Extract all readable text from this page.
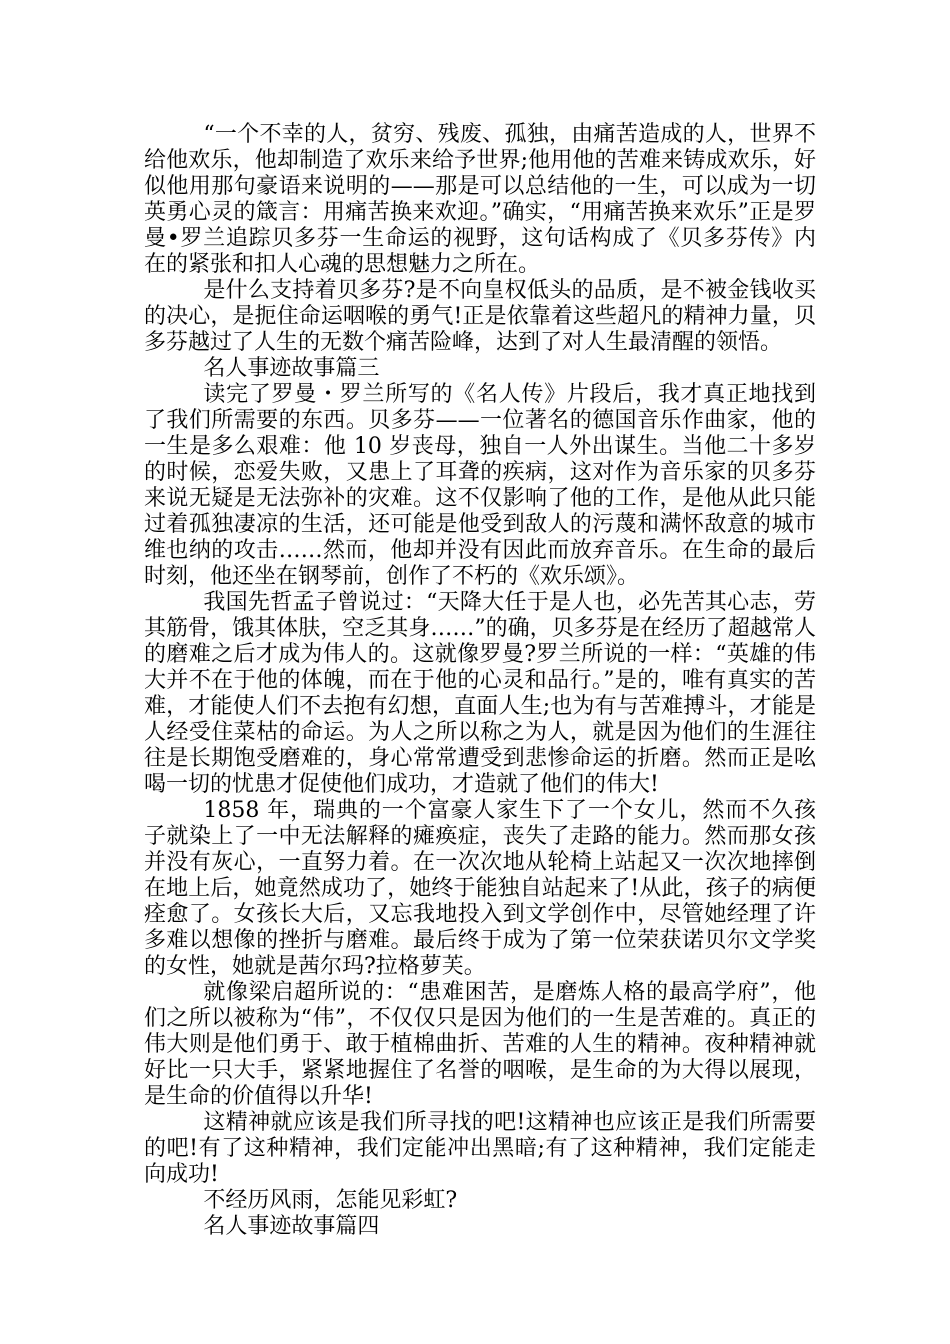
“一个不幸的人，贫穷、残废、孤独，由痛苦造成的人，世界不给他欢乐，他却制造了欢乐来给予世界;他用他的苦难来铸成欢乐，好似他用那句豪语来说明的——那是可以总结他的一生，可以成为一切英勇心灵的箴言：用痛苦换来欢迎。”确实，“用痛苦换来欢乐”正是罗曼•罗兰追踪贝多芬一生命运的视野，这句话构成了《贝多芬传》内在的紧张和扣人心魂的思想魅力之所在。

是什么支持着贝多芬?是不向皇权低头的品质，是不被金钱收买的决心，是扼住命运咽喉的勇气!正是依靠着这些超凡的精神力量，贝多芬越过了人生的无数个痛苦险峰，达到了对人生最清醒的领悟。

名人事迹故事篇三

读完了罗曼・罗兰所写的《名人传》片段后，我才真正地找到了我们所需要的东西。贝多芬——一位著名的德国音乐作曲家，他的一生是多么艰难：他 10 岁丧母，独自一人外出谋生。当他二十多岁的时候，恋爱失败，又患上了耳聋的疾病，这对作为音乐家的贝多芬来说无疑是无法弥补的灾难。这不仅影响了他的工作，是他从此只能过着孤独凄凉的生活，还可能是他受到敌人的污蔑和满怀敌意的城市维也纳的攻击……然而，他却并没有因此而放弃音乐。在生命的最后时刻，他还坐在钢琴前，创作了不朽的《欢乐颂》。

我国先哲孟子曾说过：“天降大任于是人也，必先苦其心志，劳其筋骨，饿其体肤，空乏其身……”的确，贝多芬是在经历了超越常人的磨难之后才成为伟人的。这就像罗曼?罗兰所说的一样：“英雄的伟大并不在于他的体魄，而在于他的心灵和品行。”是的，唯有真实的苦难，才能使人们不去抱有幻想，直面人生;也为有与苦难搏斗，才能是人经受住菜枯的命运。为人之所以称之为人，就是因为他们的生涯往往是长期饱受磨难的，身心常常遭受到悲惨命运的折磨。然而正是吆喝一切的忧患才促使他们成功，才造就了他们的伟大!

1858 年，瑞典的一个富豪人家生下了一个女儿，然而不久孩子就染上了一中无法解释的瘫痪症，丧失了走路的能力。然而那女孩并没有灰心，一直努力着。在一次次地从轮椅上站起又一次次地摔倒在地上后，她竟然成功了，她终于能独自站起来了!从此，孩子的病便痊愈了。女孩长大后，又忘我地投入到文学创作中，尽管她经理了许多难以想像的挫折与磨难。最后终于成为了第一位荣获诺贝尔文学奖的女性，她就是茜尔玛?拉格萝芙。

就像梁启超所说的：“患难困苦，是磨炼人格的最高学府”，他们之所以被称为“伟”，不仅仅只是因为他们的一生是苦难的。真正的伟大则是他们勇于、敢于植棉曲折、苦难的人生的精神。夜种精神就好比一只大手，紧紧地握住了名誉的咽喉，是生命的为大得以展现，是生命的价值得以升华!

这精神就应该是我们所寻找的吧!这精神也应该正是我们所需要的吧!有了这种精神，我们定能冲出黑暗;有了这种精神，我们定能走向成功!

不经历风雨，怎能见彩虹?

名人事迹故事篇四
